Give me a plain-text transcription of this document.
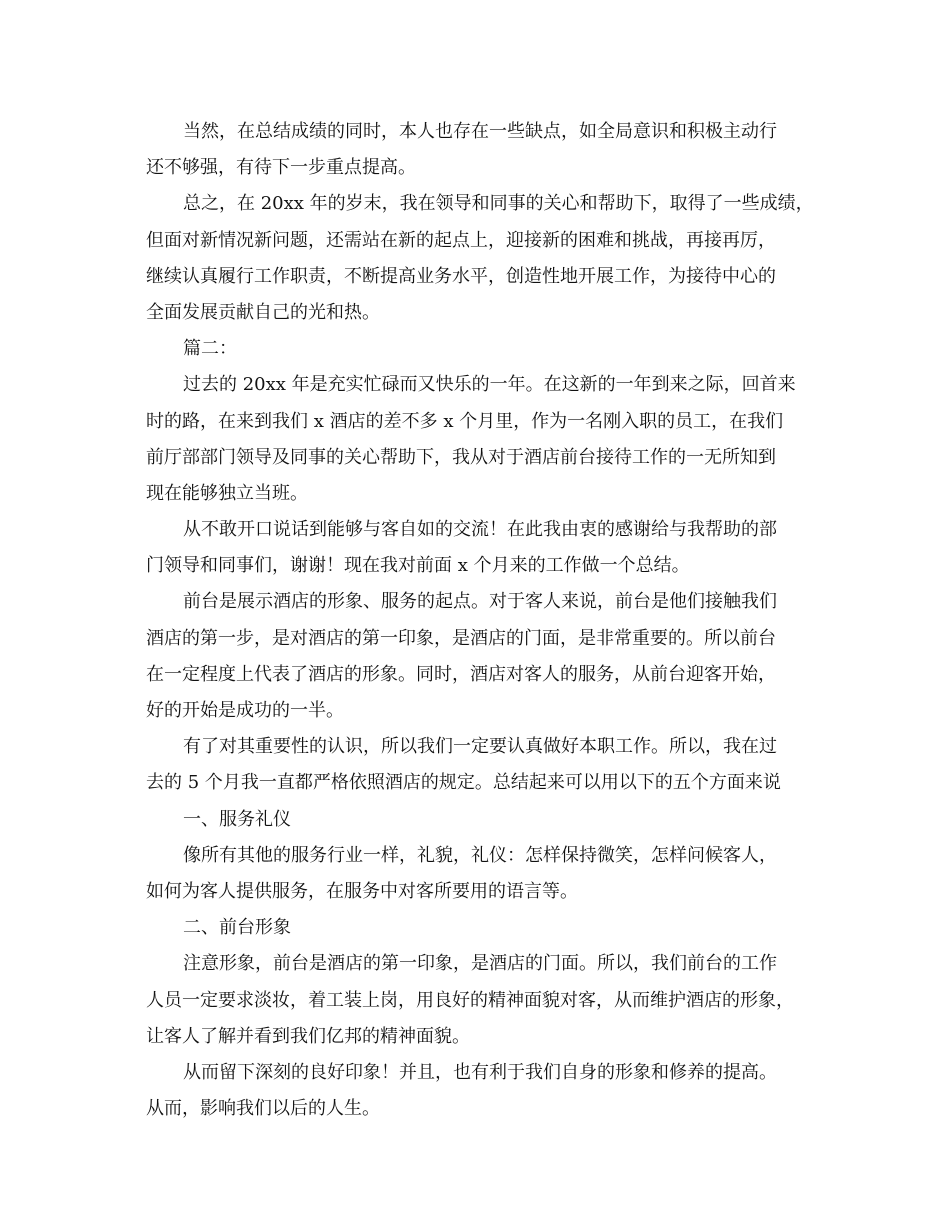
当然，在总结成绩的同时，本人也存在一些缺点，如全局意识和积极主动行
还不够强，有待下一步重点提高。
总之，在 20xx 年的岁末，我在领导和同事的关心和帮助下，取得了一些成绩，
但面对新情况新问题，还需站在新的起点上，迎接新的困难和挑战，再接再厉，
继续认真履行工作职责，不断提高业务水平，创造性地开展工作，为接待中心的
全面发展贡献自己的光和热。
篇二：
过去的 20xx 年是充实忙碌而又快乐的一年。在这新的一年到来之际，回首来
时的路，在来到我们 x 酒店的差不多 x 个月里，作为一名刚入职的员工，在我们
前厅部部门领导及同事的关心帮助下，我从对于酒店前台接待工作的一无所知到
现在能够独立当班。
从不敢开口说话到能够与客自如的交流！在此我由衷的感谢给与我帮助的部
门领导和同事们，谢谢！现在我对前面 x 个月来的工作做一个总结。
前台是展示酒店的形象、服务的起点。对于客人来说，前台是他们接触我们
酒店的第一步，是对酒店的第一印象，是酒店的门面，是非常重要的。所以前台
在一定程度上代表了酒店的形象。同时，酒店对客人的服务，从前台迎客开始，
好的开始是成功的一半。
有了对其重要性的认识，所以我们一定要认真做好本职工作。所以，我在过
去的 5 个月我一直都严格依照酒店的规定。总结起来可以用以下的五个方面来说
一、服务礼仪
像所有其他的服务行业一样，礼貌，礼仪：怎样保持微笑，怎样问候客人，
如何为客人提供服务，在服务中对客所要用的语言等。
二、前台形象
注意形象，前台是酒店的第一印象，是酒店的门面。所以，我们前台的工作
人员一定要求淡妆，着工装上岗，用良好的精神面貌对客，从而维护酒店的形象，
让客人了解并看到我们亿邦的精神面貌。
从而留下深刻的良好印象！并且，也有利于我们自身的形象和修养的提高。
从而，影响我们以后的人生。
